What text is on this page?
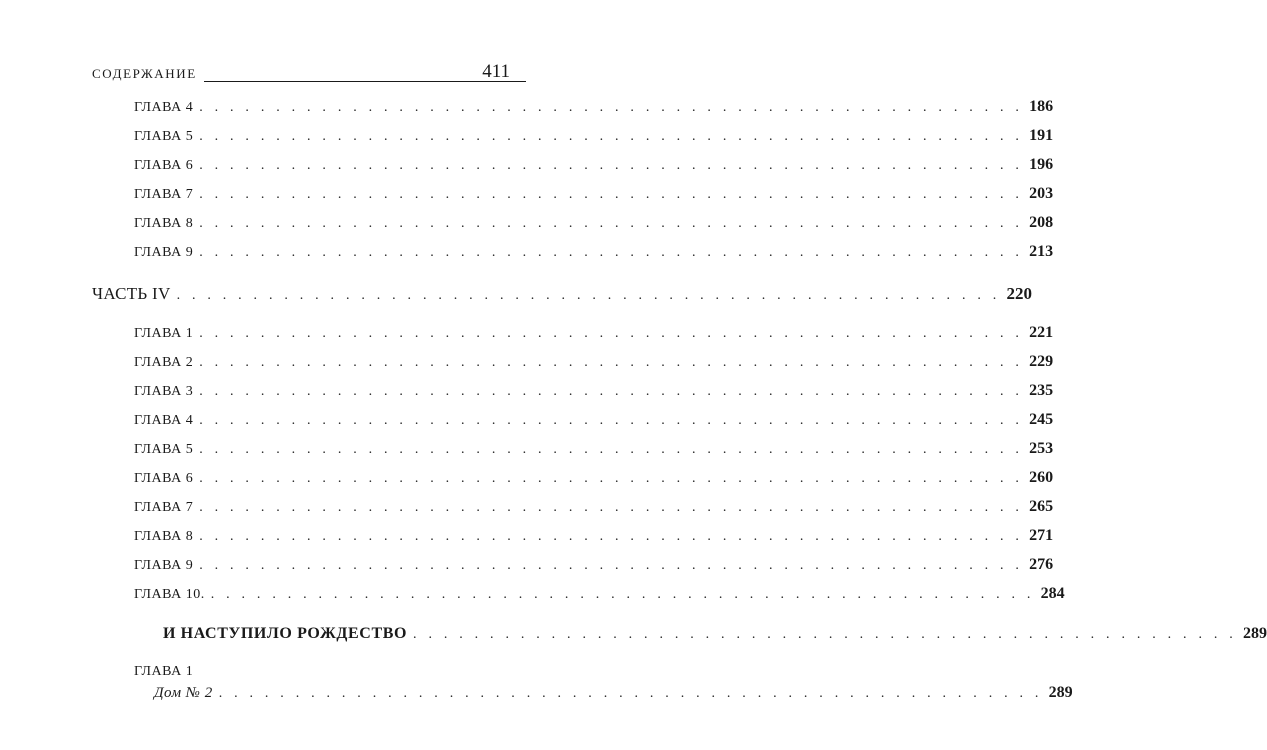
СОДЕРЖАНИЕ	411
ГЛАВА 4 . . . . . . . . . . . . . . . . . . . . . . . . . . . . . . . . . . . . . . . . . . . . . . . . . . . . . . 186
ГЛАВА 5 . . . . . . . . . . . . . . . . . . . . . . . . . . . . . . . . . . . . . . . . . . . . . . . . . . . . . . 191
ГЛАВА 6 . . . . . . . . . . . . . . . . . . . . . . . . . . . . . . . . . . . . . . . . . . . . . . . . . . . . . . 196
ГЛАВА 7 . . . . . . . . . . . . . . . . . . . . . . . . . . . . . . . . . . . . . . . . . . . . . . . . . . . . . . 203
ГЛАВА 8 . . . . . . . . . . . . . . . . . . . . . . . . . . . . . . . . . . . . . . . . . . . . . . . . . . . . . . 208
ГЛАВА 9 . . . . . . . . . . . . . . . . . . . . . . . . . . . . . . . . . . . . . . . . . . . . . . . . . . . . . . 213
ЧАСТЬ IV . . . . . . . . . . . . . . . . . . . . . . . . . . . . . . . . . . . . . . . . . . . . . . . . . . . . . . 220
ГЛАВА 1 . . . . . . . . . . . . . . . . . . . . . . . . . . . . . . . . . . . . . . . . . . . . . . . . . . . . . . 221
ГЛАВА 2 . . . . . . . . . . . . . . . . . . . . . . . . . . . . . . . . . . . . . . . . . . . . . . . . . . . . . . 229
ГЛАВА 3 . . . . . . . . . . . . . . . . . . . . . . . . . . . . . . . . . . . . . . . . . . . . . . . . . . . . . . 235
ГЛАВА 4 . . . . . . . . . . . . . . . . . . . . . . . . . . . . . . . . . . . . . . . . . . . . . . . . . . . . . . 245
ГЛАВА 5 . . . . . . . . . . . . . . . . . . . . . . . . . . . . . . . . . . . . . . . . . . . . . . . . . . . . . . 253
ГЛАВА 6 . . . . . . . . . . . . . . . . . . . . . . . . . . . . . . . . . . . . . . . . . . . . . . . . . . . . . . 260
ГЛАВА 7 . . . . . . . . . . . . . . . . . . . . . . . . . . . . . . . . . . . . . . . . . . . . . . . . . . . . . . 265
ГЛАВА 8 . . . . . . . . . . . . . . . . . . . . . . . . . . . . . . . . . . . . . . . . . . . . . . . . . . . . . . 271
ГЛАВА 9 . . . . . . . . . . . . . . . . . . . . . . . . . . . . . . . . . . . . . . . . . . . . . . . . . . . . . . 276
ГЛАВА 10. . . . . . . . . . . . . . . . . . . . . . . . . . . . . . . . . . . . . . . . . . . . . . . . . . . . . . . 284
И НАСТУПИЛО РОЖДЕСТВО . . . . . . . . . . . . . . . . . . . . . . . . . . . . . . . . . . . . . . . . . . . . . . . . . . . . . . 289
ГЛАВА 1
Дом № 2 . . . . . . . . . . . . . . . . . . . . . . . . . . . . . . . . . . . . . . . . . . . . . . . . . . . . . . 289
